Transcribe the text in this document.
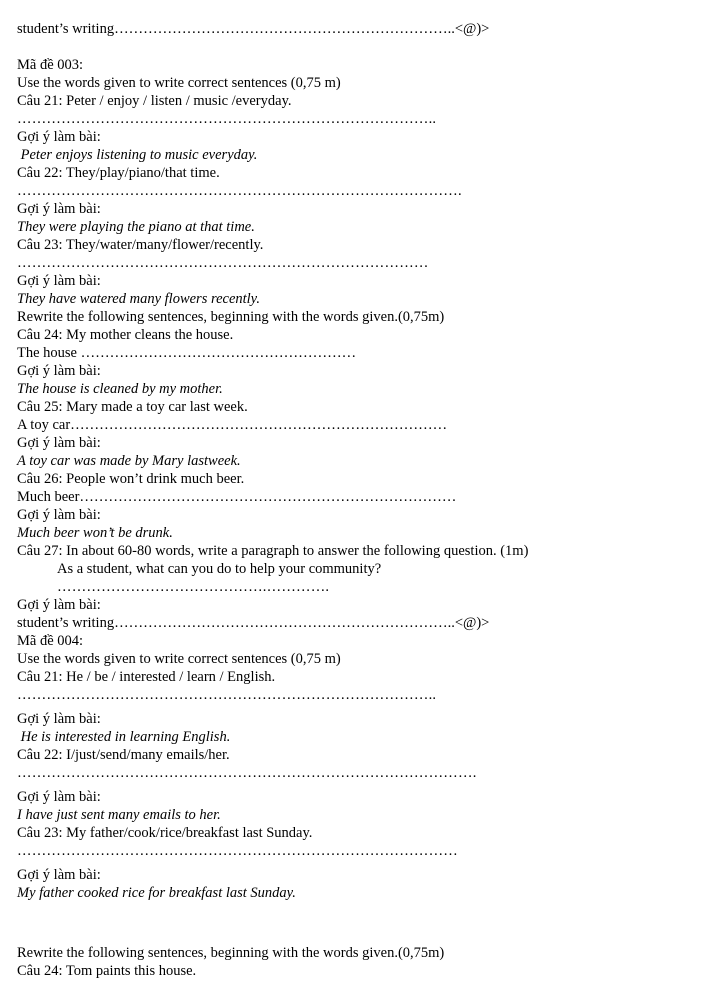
student’s writing……………………………………………………………..<@)>
Mã đề 003:
Use the words given to write correct sentences (0,75 m)
Câu 21: Peter / enjoy / listen / music /everyday.
…………………………………………………………………………..
Gợi ý làm bài:
Peter enjoys listening to music everyday.
Câu 22: They/play/piano/that time.
……………………………………………………………………………….
Gợi ý làm bài:
They were playing the piano at that time.
Câu 23: They/water/many/flower/recently.
…………………………………………………………………………
Gợi ý làm bài:
They have watered many flowers recently.
Rewrite the following sentences, beginning with the words given.(0,75m)
Câu 24: My mother cleans the house.
The house …………………………………………………
Gợi ý làm bài:
The house is cleaned by my mother.
Câu 25: Mary made a toy car last week.
A toy car……………………………………………………………………
Gợi ý làm bài:
A toy car was made by Mary lastweek.
Câu 26: People won’t drink much beer.
Much beer……………………………………………………………………
Gợi ý làm bài:
Much beer won’t be drunk.
Câu 27: In about 60-80 words, write a paragraph to answer the following question. (1m)
As a student, what can you do to help your community?
…………………………………….………….
Gợi ý làm bài:
student’s writing……………………………………………………………..<@)>
Mã đề 004:
Use the words given to write correct sentences (0,75 m)
Câu 21: He / be / interested / learn / English.
…………………………………………………………………………..
Gợi ý làm bài:
He is interested in learning English.
Câu 22: I/just/send/many emails/her.
………………………………………………………………………………….
Gợi ý làm bài:
I have just sent many emails to her.
Câu 23: My father/cook/rice/breakfast last Sunday.
………………………………………………………………………………
Gợi ý làm bài:
My father cooked rice for breakfast last Sunday.
Rewrite the following sentences, beginning with the words given.(0,75m)
Câu 24: Tom paints this house.
